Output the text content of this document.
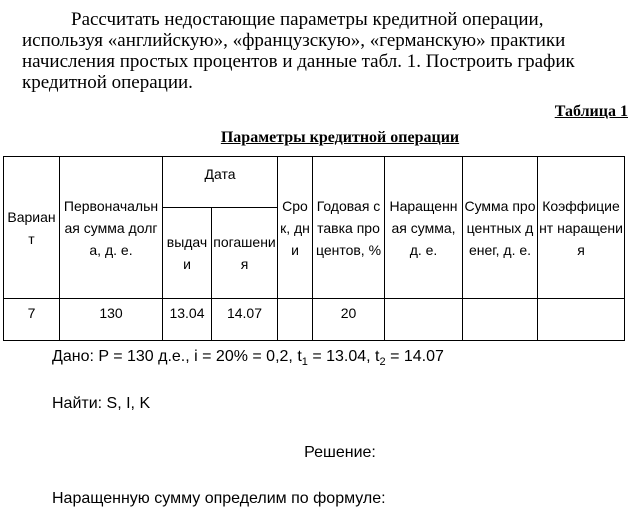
Рассчитать недостающие параметры кредитной операции, используя «английскую», «французскую», «германскую» практики начисления простых процентов и данные табл. 1. Построить график кредитной операции.

Таблица 1
Параметры кредитной операции
Вариант	Первоначальная сумма долга, д. е.	Дата		Срок, дни	Годовая ставка процентов, %	Наращенная сумма, д. е.	Сумма процентных денег, д. е.	Коэффициент наращения
		выдачи	погашения					
7	130	13.04	14.07		20			

Дано: P = 130 д.е., i = 20% = 0,2, $t_1 = 13.04$, $t_2 = 14.07$

Найти: S, I, K

Решение:

Наращенную сумму определим по формуле:
